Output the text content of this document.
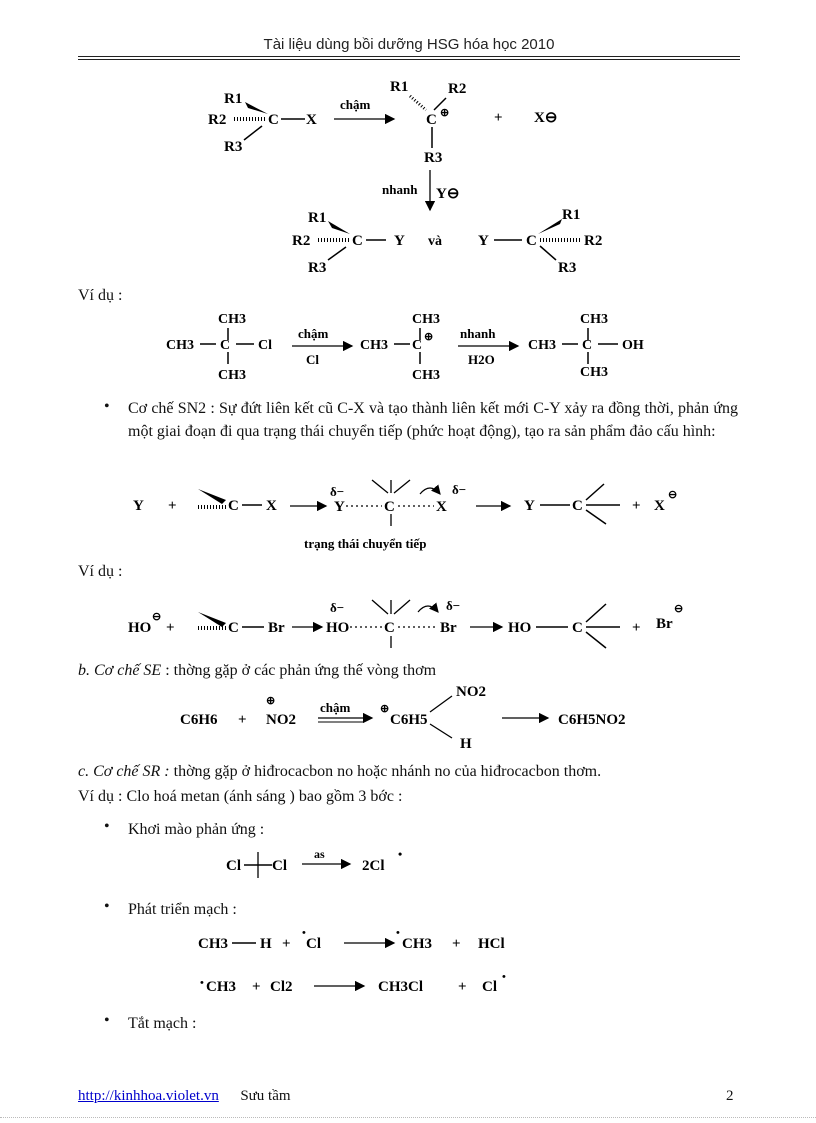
Tài liệu dùng bồi dưỡng HSG hóa học 2010
R1
R2	C X
R3
chậm
R1	R2
C ⊕
R3
+ X⊖
nhanh Y⊖
R1
R2	C Y
R3
và Y C
R1
R2
R3
Ví dụ :
CH3
CH3 C Cl
CH3
chậm
Cl
CH3
CH3
C
⊕
CH3
nhanh
H2O
CH3
CH3
C OH
CH3
• Cơ chế SN2 : Sự đứt liên kết cũ C-X và tạo thành liên kết mới C-Y xảy ra đồng thời, phản ứng một giai đoạn đi qua trạng thái chuyển tiếp (phức hoạt động), tạo ra sản phẩm đảo cấu hình:
Y +	C X
δ−
Y	C	X
δ−
Y C	+ X
⊖
trạng thái chuyển tiếp
Ví dụ :
HO
⊖
+	C Br
δ−
HO C	Br
δ−
HO	C	+ Br
⊖
b. Cơ chế SE : thờng gặp ở các phản ứng thế vòng thơm
C6H6 +
⊕
NO2
chậm	⊕
C6H5
NO2
H
C6H5NO2
c. Cơ chế SR : thờng gặp ở hiđrocacbon no hoặc nhánh no của hiđrocacbon thơm.
Ví dụ : Clo hoá metan (ánh sáng ) bao gồm 3 bớc :
• Khơi mào phản ứng :
Cl Cl
as
2Cl
•
CH3 H +
•
Cl
•
CH3 + HCl
• CH3 + Cl2	CH3Cl + Cl
•
• Phát triển mạch :
• Tắt mạch :
http://kinhhoa.violet.vn Sưu tầm	2
